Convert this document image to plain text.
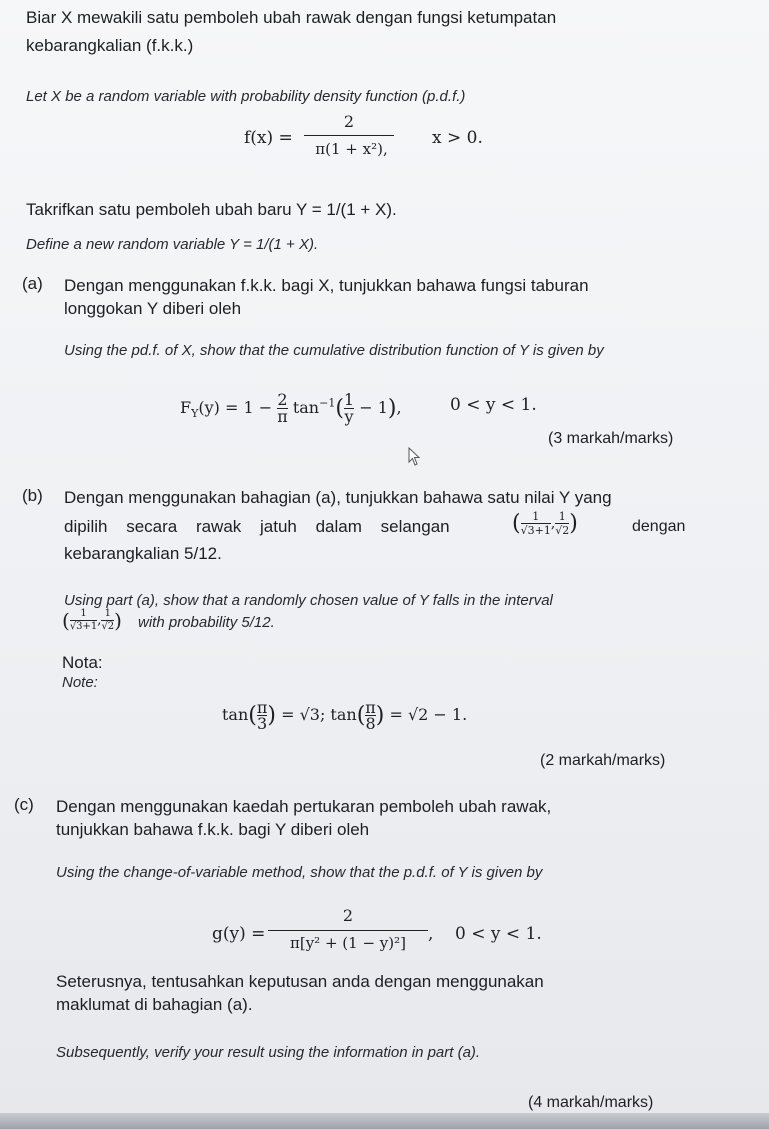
Biar X mewakili satu pemboleh ubah rawak dengan fungsi ketumpatan
kebarangkalian (f.k.k.)
Let X be a random variable with probability density function (p.d.f.)
f(x) =
2
π(1 + x²),
x > 0.
Takrifkan satu pemboleh ubah baru Y = 1/(1 + X).
Define a new random variable Y = 1/(1 + X).
(a) Dengan menggunakan f.k.k. bagi X, tunjukkan bahawa fungsi taburan
longgokan Y diberi oleh
Using the pd.f. of X, show that the cumulative distribution function of Y is given by
$F_Y(y) = 1 - \frac{2}{\pi} \tan^{-1}( \frac{1}{y} - 1)$,	0 < y < 1.
(3 markah/marks)
(b) Dengan menggunakan bahagian (a), tunjukkan bahawa satu nilai Y yang
dipilih secara rawak jatuh dalam selangan	( $\frac{1}{√3+1}$ , $\frac{1}{√2}$ )	dengan
kebarangkalian 5/12.
Using part (a), show that a randomly chosen value of Y falls in the interval
( $\frac{1}{√3+1}$ , $\frac{1}{√2}$ ) with probability 5/12.
Nota:
Note:
$\tan( \frac{\pi}{3}$ ) = √3; $\tan( \frac{\pi}{8}$ ) = √2 − 1.
(2 markah/marks)
(c) Dengan menggunakan kaedah pertukaran pemboleh ubah rawak,
tunjukkan bahawa f.k.k. bagi Y diberi oleh
Using the change-of-variable method, show that the p.d.f. of Y is given by
g(y) =
2
π[y² + (1 − y)²]	, 0 < y < 1.
Seterusnya, tentusahkan keputusan anda dengan menggunakan
maklumat di bahagian (a).
Subsequently, verify your result using the information in part (a).
(4 markah/marks)
